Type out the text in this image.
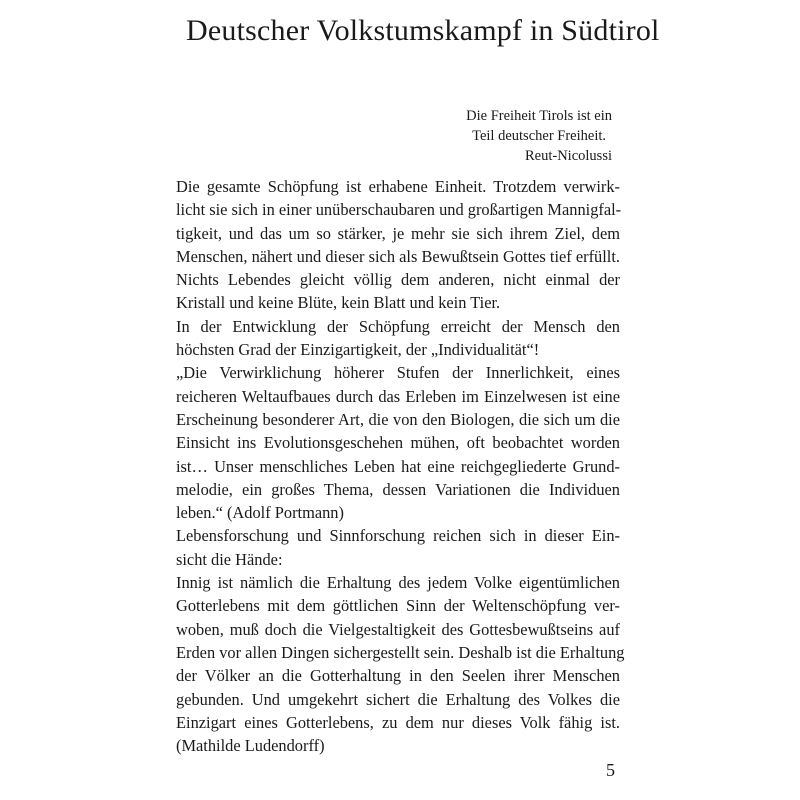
Deutscher Volkstumskampf in Südtirol
Die Freiheit Tirols ist ein
Teil deutscher Freiheit.
Reut-Nicolussi
Die gesamte Schöpfung ist erhabene Einheit. Trotzdem verwirk-
licht sie sich in einer unüberschaubaren und großartigen Mannigfal-
tigkeit, und das um so stärker, je mehr sie sich ihrem Ziel, dem
Menschen, nähert und dieser sich als Bewußtsein Gottes tief erfüllt.
Nichts Lebendes gleicht völlig dem anderen, nicht einmal der
Kristall und keine Blüte, kein Blatt und kein Tier.
In der Entwicklung der Schöpfung erreicht der Mensch den
höchsten Grad der Einzigartigkeit, der „Individualität“!
„Die Verwirklichung höherer Stufen der Innerlichkeit, eines
reicheren Weltaufbaues durch das Erleben im Einzelwesen ist eine
Erscheinung besonderer Art, die von den Biologen, die sich um die
Einsicht ins Evolutionsgeschehen mühen, oft beobachtet worden
ist… Unser menschliches Leben hat eine reichgegliederte Grund-
melodie, ein großes Thema, dessen Variationen die Individuen
leben.“ (Adolf Portmann)
Lebensforschung und Sinnforschung reichen sich in dieser Ein-
sicht die Hände:
Innig ist nämlich die Erhaltung des jedem Volke eigentümlichen
Gotterlebens mit dem göttlichen Sinn der Weltenschöpfung ver-
woben, muß doch die Vielgestaltigkeit des Gottesbewußtseins auf
Erden vor allen Dingen sichergestellt sein. Deshalb ist die Erhaltung
der Völker an die Gotterhaltung in den Seelen ihrer Menschen
gebunden. Und umgekehrt sichert die Erhaltung des Volkes die
Einzigart eines Gotterlebens, zu dem nur dieses Volk fähig ist.
(Mathilde Ludendorff)
5
